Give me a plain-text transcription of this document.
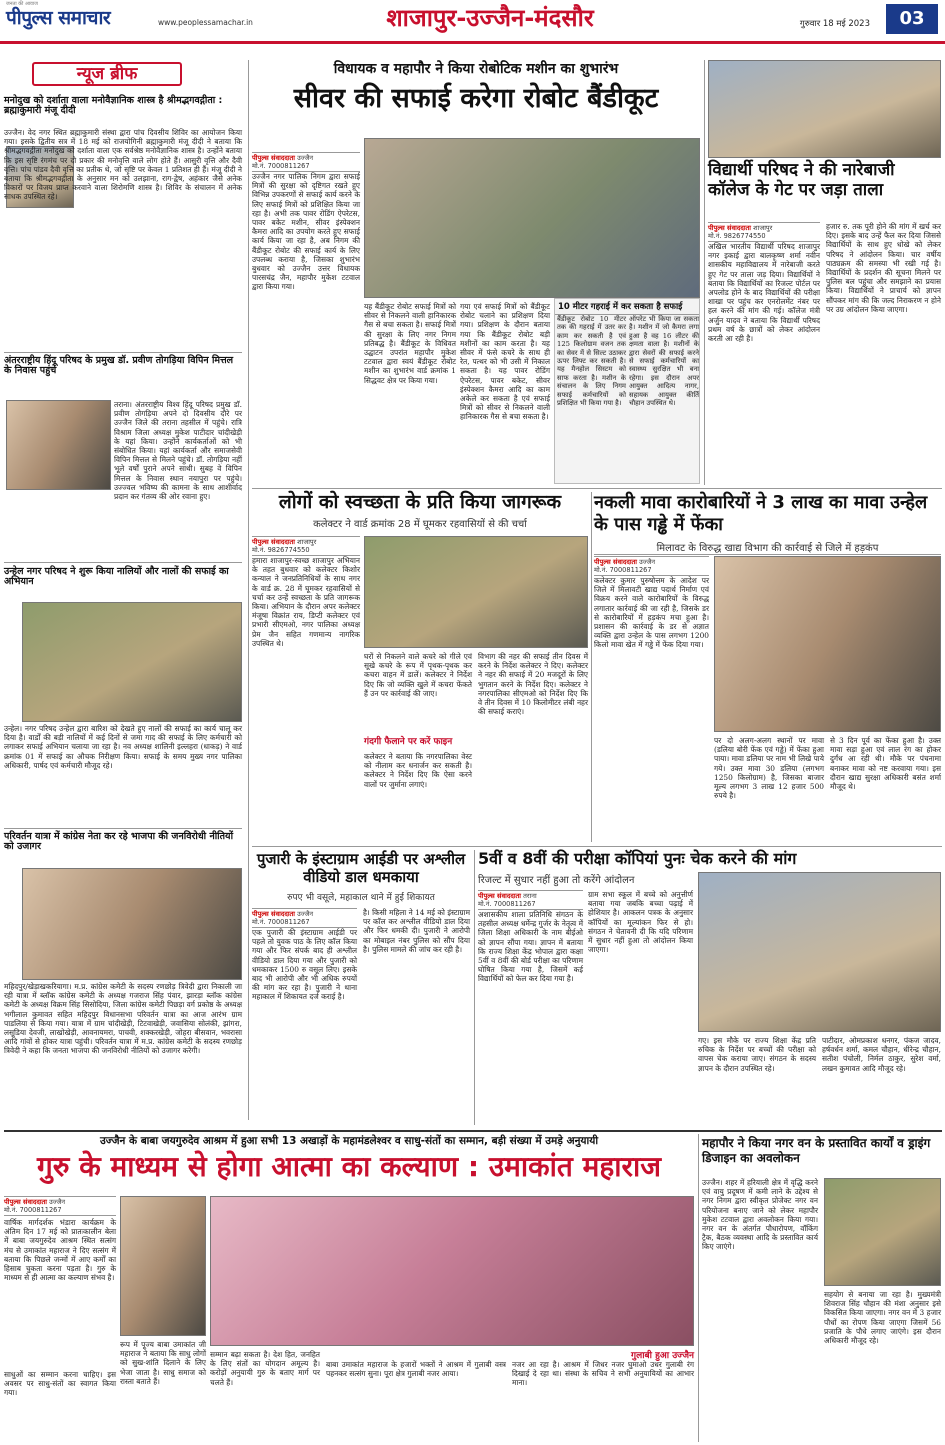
पीपुल्स समाचार
जनता की आवाज
www.peoplessamachar.in	शाजापुर-उज्जैन-मंदसौर	गुरुवार 18 मई 2023	03
न्यूज ब्रीफ
मनोदुख को दर्शाता वाला मनोवैज्ञानिक शास्त्र है श्रीमद्भगवद्गीता : ब्रह्माकुमारी मंजू दीदी
उज्जैन। वेद नगर स्थित ब्रह्माकुमारी संस्था द्वारा पांच दिवसीय शिविर का आयोजन किया गया। इसके द्वितीय सत्र में 18 मई को राजयोगिनी ब्रह्माकुमारी मंजू दीदी ने बताया कि श्रीमद्भगवद्गीता मनोदुख को दर्शाता वाला एक सर्वश्रेष्ठ मनोवैज्ञानिक शास्त्र है। उन्होंने बताया कि इस सृष्टि रंगमंच पर दो प्रकार की मनोवृत्ति वाले लोग होते हैं। आसुरी वृत्ति और दैवी वृत्ति। पांच पांडव दैवी वृत्ति का प्रतीक थे, जो सृष्टि पर केवल 1 प्रतिशत ही हैं। मंजू दीदी ने बताया कि श्रीमद्भगवद्गीता के अनुसार मन को उलझाना, राग-द्वेष, अहंकार जैसे अनेक विकारों पर विजय प्राप्त करवाने वाला शिरोमणि शास्त्र है। शिविर के संचालन में अनेक साधक उपस्थित रहे।
अंतरराष्ट्रीय हिंदू परिषद के प्रमुख डॉ. प्रवीण तोगड़िया विपिन मित्तल के निवास पहुंचे
तराना। अंतरराष्ट्रीय विश्व हिंदू परिषद प्रमुख डॉ. प्रवीण तोगड़िया अपने दो दिवसीय दौरे पर उज्जैन जिले की तराना तहसील में पहुंचे। रात्रि विश्राम जिला अध्यक्ष मुकेश पाटीदार चांदीखेड़ी के यहां किया। उन्होंने कार्यकर्ताओं को भी संबोधित किया। यहां कार्यकर्ता और समाजसेवी विपिन मित्तल से मिलने पहुंचे। डॉ. तोगड़िया नहीं भूले वर्षों पुराने अपने साथी। सुबह वे विपिन मित्तल के निवास स्थान नयापुरा पर पहुंचे। उज्ज्वल भविष्य की कामना के साथ आशीर्वाद प्रदान कर गंतव्य की ओर रवाना हुए।
उन्हेल नगर परिषद ने शुरू किया नालियों और नालों की सफाई का अभियान
उन्हेल। नगर परिषद उन्हेल द्वारा बारिश को देखते हुए नालों की सफाई का कार्य चालू कर दिया है। वार्डों की बड़ी नालियों में कई दिनों से जमा गाद की सफाई के लिए कर्मचारी को लगाकर सफाई अभियान चलाया जा रहा है। नव अध्यक्ष शालिनी इल्लहरा (धाकड़) ने वार्ड क्रमांक 01 में सफाई का औचक निरीक्षण किया। सफाई के समय मुख्य नगर पालिका अधिकारी, पार्षद एवं कर्मचारी मौजूद रहे।
परिवर्तन यात्रा में कांग्रेस नेता कर रहे भाजपा की जनविरोधी नीतियों को उजागर
महिदपुर/खेड़ाखकरियागा। म.प्र. कांग्रेस कमेटी के सदस्य रणछोड़ त्रिवेदी द्वारा निकाली जा रही यात्रा में ब्लॉक कांग्रेस कमेटी के अध्यक्ष गजराज सिंह पंवार, झारड़ा ब्लॉक कांग्रेस कमेटी के अध्यक्ष विक्रम सिंह सिसोदिया, जिला कांग्रेस कमेटी पिछड़ा वर्ग प्रकोष्ठ के अध्यक्ष भगीलाल कुमावत सहित महिदपुर विधानसभा परिवर्तन यात्रा का आज आरंभ ग्राम पाडलिया से किया गया। यात्रा में ग्राम चांदीखेड़ी, टिटवाखेड़ी, जवासिया सोलंकी, झांगरा, लसूडिया देवजी, लाखोखेड़ी, आवनायमरा, पाचवी, शक्करखेड़ी, जोहरा बीसवान, भवरासा आदि गांवों से होकर यात्रा पहुंची। परिवर्तन यात्रा में म.प्र. कांग्रेस कमेटी के सदस्य रणछोड़ त्रिवेदी ने कहा कि जनता भाजपा की जनविरोधी नीतियों को उजागर करेगी।
विधायक व महापौर ने किया रोबोटिक मशीन का शुभारंभ
सीवर की सफाई करेगा रोबोट बैंडीकूट
पीपुल्स संवाददाता उज्जैन
मो.नं. 7000811267
उज्जैन नगर पालिक निगम द्वारा सफाई मित्रों की सुरक्षा को दृष्टिगत रखते हुए विभिन्न उपकरणों से सफाई कार्य करने के लिए सफाई मित्रों को प्रशिक्षित किया जा रहा है। अभी तक पावर रोडिंग ऐपरेटस, पावर बकेट मशीन, सीवर इंस्पेक्शन कैमरा आदि का उपयोग करते हुए सफाई कार्य किया जा रहा है, अब निगम की बैंडीकूट रोबोट की सफाई कार्य के लिए उपलब्ध कराया है, जिसका शुभारंभ बुधवार को उज्जैन उत्तर विधायक पारसचंद्र जैन, महापौर मुकेश टटवाल द्वारा किया गया।
यह बैंडीकूट रोबोट सफाई मित्रों को सीवर से निकलने वाली हानिकारक गैस से बचा सकता है। सफाई मित्रों की सुरक्षा के लिए नगर निगम प्रतिबद्ध है। बैंडीकूट के विधिवत उद्घाटन उपरांत महापौर मुकेश टटवाल द्वारा स्वयं बैंडीकूट रोबोट मशीन का शुभारंभ वार्ड क्रमांक 1 सिद्धवट क्षेत्र पर किया गया।
गया एवं सफाई मित्रों को बैंडीकूट रोबोट चलाने का प्रशिक्षण दिया गया। प्रशिक्षण के दौरान बताया गया कि बैंडीकूट रोबोट बड़ी मशीनों का काम करता है। यह सीवर में फंसे कचरे के साथ ही रेत, पत्थर को भी उसी में निकाल सकता है। यह पावर रोडिंग ऐपरेटस, पावर बकेट, सीवर इंस्पेक्शन कैमरा आदि का काम अकेले कर सकता है एवं सफाई मित्रों को सीवर से निकलने वाली हानिकारक गैस से बचा सकता है।
10 मीटर गहराई में कर सकता है सफाई
बैंडीकूट रोबोट 10 मीटर तक की गहराई में उतर कर काम कर सकती है एवं 125 किलोग्राम वजन तक का सेवर में से सिल्ट उठाकर ऊपर लिफ्ट कर सकती है। यह मैनहोल सिस्टम को साफ करता है। मशीन के संचालन के लिए निगम सफाई कर्मचारियों को प्रशिक्षित भी किया गया है।
ऑपरेट भी किया जा सकता है। मशीन में जो कैमरा लगा हुआ है वह 16 लीटर की क्षमता वाला है। मशीनों के द्वारा सेवरों की सफाई करने से सफाई कर्मचारियों का स्वास्थ्य सुरक्षित भी बना रहेगा। इस दौरान अपर आयुक्त आदित्य नागर, सहायक आयुक्त कीर्ति चौहान उपस्थित थे।
विद्यार्थी परिषद ने की नारेबाजी कॉलेज के गेट पर जड़ा ताला
पीपुल्स संवाददाता शाजापुर
मो.नं. 9826774550
अखिल भारतीय विद्यार्थी परिषद शाजापुर नगर इकाई द्वारा बालकृष्ण शर्मा नवीन शासकीय महाविद्यालय में नारेबाजी करते हुए गेट पर ताला जड़ दिया। विद्यार्थियों ने बताया कि विद्यार्थियों का रिजल्ट पोर्टल पर अपलोड होने के बाद विद्यार्थियों की परीक्षा शाखा पर पहुंच कर एनरोलमेंट नंबर पर हल करने की मांग की गई। कॉलेज मंत्री अर्जुन यादव ने बताया कि विद्यार्थी परिषद प्रथम वर्ष के छात्रों को लेकर आंदोलन करती आ रही है।
हजार रु. तक पूरी होने की मांग में खर्च कर दिए। इसके बाद उन्हें फैल कर दिया जिससे विद्यार्थियों के साथ हुए धोखे को लेकर परिषद ने आंदोलन किया। चार वर्षीय पाठ्यक्रम की समस्या भी रखी गई है। विद्यार्थियों के प्रदर्शन की सूचना मिलने पर पुलिस बल पहुंचा और समझाने का प्रयास किया। विद्यार्थियों ने प्राचार्य को ज्ञापन सौंपकर मांग की कि जल्द निराकरण न होने पर उग्र आंदोलन किया जाएगा।
लोगों को स्वच्छता के प्रति किया जागरूक
कलेक्टर ने वार्ड क्रमांक 28 में घूमकर रहवासियों से की चर्चा
पीपुल्स संवाददाता शाजापुर
मो.नं. 9826774550
हमारा शाजापुर-स्वच्छ शाजापुर अभियान के तहत बुधवार को कलेक्टर किशोर कन्याल ने जनप्रतिनिधियों के साथ नगर के वार्ड क्र. 28 में घूमकर रहवासियों से चर्चा कर उन्हें स्वच्छता के प्रति जागरूक किया। अभियान के दौरान अपर कलेक्टर मंजूषा विक्रांत राय, डिप्टी कलेक्टर एवं प्रभारी सीएमओ, नगर पालिका अध्यक्ष प्रेम जैन सहित गणमान्य नागरिक उपस्थित थे।
घरों से निकलने वाले कचरे को गीले एवं सूखे कचरे के रूप में पृथक-पृथक कर कचरा वाहन में डालें। कलेक्टर ने निर्देश दिए कि जो व्यक्ति खुले में कचरा फेंकते हैं उन पर कार्रवाई की जाए।
गंदगी फैलाने पर करें फाइन
कलेक्टर ने बताया कि नगरपालिका वेस्ट को नीलाम कर धनार्जन कर सकती है। कलेक्टर ने निर्देश दिए कि ऐसा करने वालों पर जुर्माना लगाएं।
विभाग की नहर की सफाई तीन दिवस में करने के निर्देश कलेक्टर ने दिए। कलेक्टर ने नहर की सफाई में 20 मजदूरों के लिए भुगतान करने के निर्देश दिए। कलेक्टर ने नगरपालिका सीएमओ को निर्देश दिए कि वे तीन दिवस में 10 किलोमीटर लंबी नहर की सफाई कराएं।
नकली मावा कारोबारियों ने 3 लाख का मावा उन्हेल के पास गड्ढे में फेंका
मिलावट के विरुद्ध खाद्य विभाग की कार्रवाई से जिले में हड़कंप
पीपुल्स संवाददाता उज्जैन
मो.नं. 7000811267
कलेक्टर कुमार पुरुषोत्तम के आदेश पर जिले में मिलावटी खाद्य पदार्थ निर्माण एवं विक्रय करने वाले कारोबारियों के विरुद्ध लगातार कार्रवाई की जा रही है, जिसके डर से कारोबारियों में हड़कंप मचा हुआ है। प्रशासन की कार्रवाई के डर से अज्ञात व्यक्ति द्वारा उन्हेल के पास लगभग 1200 किलो मावा खेत में गड्ढे में फेंक दिया गया।
पर दो अलग-अलग स्थानों पर मावा (डलिया बोरी फेंक एवं गड्ढे) में फेंका हुआ पाया। मावा डलिया पर नाम भी लिखे पाये गये। उक्त मावा 30 डलिया (लगभग 1250 किलोग्राम) है, जिसका बाजार मूल्य लगभग 3 लाख 12 हजार 500 रुपये है।
से 3 दिन पूर्व का फेंका हुआ है। उक्त मावा सड़ा हुआ एवं लाल रंग का होकर दुर्गंध आ रही थी। मौके पर पंचनामा बनाकर मावा को नष्ट करवाया गया। इस दौरान खाद्य सुरक्षा अधिकारी बसंत शर्मा मौजूद थे।
पुजारी के इंस्टाग्राम आईडी पर अश्लील वीडियो डाल धमकाया
रुपए भी वसूले, महाकाल थाने में हुई शिकायत
पीपुल्स संवाददाता उज्जैन
मो.नं. 7000811267
एक पुजारी की इंस्टाग्राम आईडी पर पहले तो युवक पाठ के लिए कॉल किया गया और फिर संपर्क बाद ही अश्लील वीडियो डाल दिया गया और पुजारी को धमकाकर 1500 रु वसूल लिए। इसके बाद भी आरोपी और भी अधिक रुपयों की मांग कर रहा है। पुजारी ने थाना महाकाल में शिकायत दर्ज कराई है।
है। किसी महिला ने 14 मई को इंस्टाग्राम पर कॉल कर अश्लील वीडियो डाल दिया और फिर धमकी दी। पुजारी ने आरोपी का मोबाइल नंबर पुलिस को सौंप दिया है। पुलिस मामले की जांच कर रही है।
5वीं व 8वीं की परीक्षा कॉपियां पुनः चेक करने की मांग
रिजल्ट में सुधार नहीं हुआ तो करेंगे आंदोलन
पीपुल्स संवाददाता तराना
मो.नं. 7000811267
अशासकीय शाला प्रतिनिधि संगठन के तहसील अध्यक्ष धर्मेन्द्र गुर्जर के नेतृत्व में जिला शिक्षा अधिकारी के नाम बीईओ को ज्ञापन सौंपा गया। ज्ञापन में बताया कि राज्य शिक्षा केंद्र भोपाल द्वारा कक्षा 5वीं व 8वीं की बोर्ड परीक्षा का परिणाम घोषित किया गया है, जिसमें कई विद्यार्थियों को फेल कर दिया गया है।
ग्राम सभा स्कूल में बच्चे को अनुत्तीर्ण बताया गया जबकि बच्चा पढ़ाई में होशियार है। आकलन पत्रक के अनुसार कॉपियों का मूल्यांकन फिर से हो। संगठन ने चेतावनी दी कि यदि परिणाम में सुधार नहीं हुआ तो आंदोलन किया जाएगा।
गए। इस मौके पर राज्य शिक्षा केंद्र प्रति रुचिक के निर्देश पर बच्चों की परीक्षा को वापस चेक कराया जाए। संगठन के सदस्य ज्ञापन के दौरान उपस्थित रहे।
पाटीदार, ओमप्रकाश धनगर, पंकज जादव, हर्षवर्धन शर्मा, कमल चौहान, धीरेन्द्र चौहान, सतीश पंचोली, निर्मल ठाकुर, सुरेश वर्मा, लखन कुमावत आदि मौजूद रहे।
उज्जैन के बाबा जयगुरुदेव आश्रम में हुआ सभी 13 अखाड़ों के महामंडलेश्वर व साधु-संतों का सम्मान, बड़ी संख्या में उमड़े अनुयायी
गुरु के माध्यम से होगा आत्मा का कल्याण : उमाकांत महाराज
पीपुल्स संवाददाता उज्जैन
मो.नं. 7000811267
वार्षिक मार्गदर्शक भंडारा कार्यक्रम के अंतिम दिन 17 मई को प्रातःकालीन बेला में बाबा जयगुरुदेव आश्रम स्थित सत्संग मंच से उमाकांत महाराज ने दिए सत्संग में बताया कि पिछले जन्मों में आए कर्मों का हिसाब चुकता करना पड़ता है। गुरु के माध्यम से ही आत्मा का कल्याण संभव है।
साधुओं का सम्मान करना चाहिए। इस अवसर पर साधु-संतों का स्वागत किया गया।
गुलाबी हुआ उज्जैन
रूप में पूज्य बाबा उमाकांत जी महाराज ने बताया कि साधु लोगों को सुख-शांति दिलाने के लिए भेजा जाता है। साधु समाज को रास्ता बताते हैं।
सम्मान बढ़ा सकता है। देश हित, जनहित के लिए संतों का योगदान अमूल्य है। करोड़ों अनुयायी गुरु के बताए मार्ग पर चलते हैं।
बाबा उमाकांत महाराज के हजारों भक्तों ने आश्रम में गुलाबी वस्त्र पहनकर सत्संग सुना। पूरा क्षेत्र गुलाबी नजर आया।
नजर आ रहा है। आश्रम में जिधर नजर घुमाओ उधर गुलाबी रंग दिखाई दे रहा था। संस्था के सचिव ने सभी अनुयायियों का आभार माना।
महापौर ने किया नगर वन के प्रस्तावित कार्यों व ड्राइंग डिजाइन का अवलोकन
उज्जैन। शहर में हरियाली क्षेत्र में वृद्धि करने एवं वायु प्रदूषण में कमी लाने के उद्देश्य से नगर निगम द्वारा स्वीकृत प्रोजेक्ट नगर वन परियोजना बनाए जाने को लेकर महापौर मुकेश टटवाल द्वारा अवलोकन किया गया। नगर वन के अंतर्गत पौधारोपण, वॉकिंग ट्रैक, बैठक व्यवस्था आदि के प्रस्तावित कार्य किए जाएंगे।
सहयोग से बनाया जा रहा है। मुख्यमंत्री शिवराज सिंह चौहान की मंशा अनुसार इसे विकसित किया जाएगा। नगर वन में 3 हजार पौधों का रोपण किया जाएगा जिसमें 56 प्रजाति के पौधे लगाए जाएंगे। इस दौरान अधिकारी मौजूद रहे।
